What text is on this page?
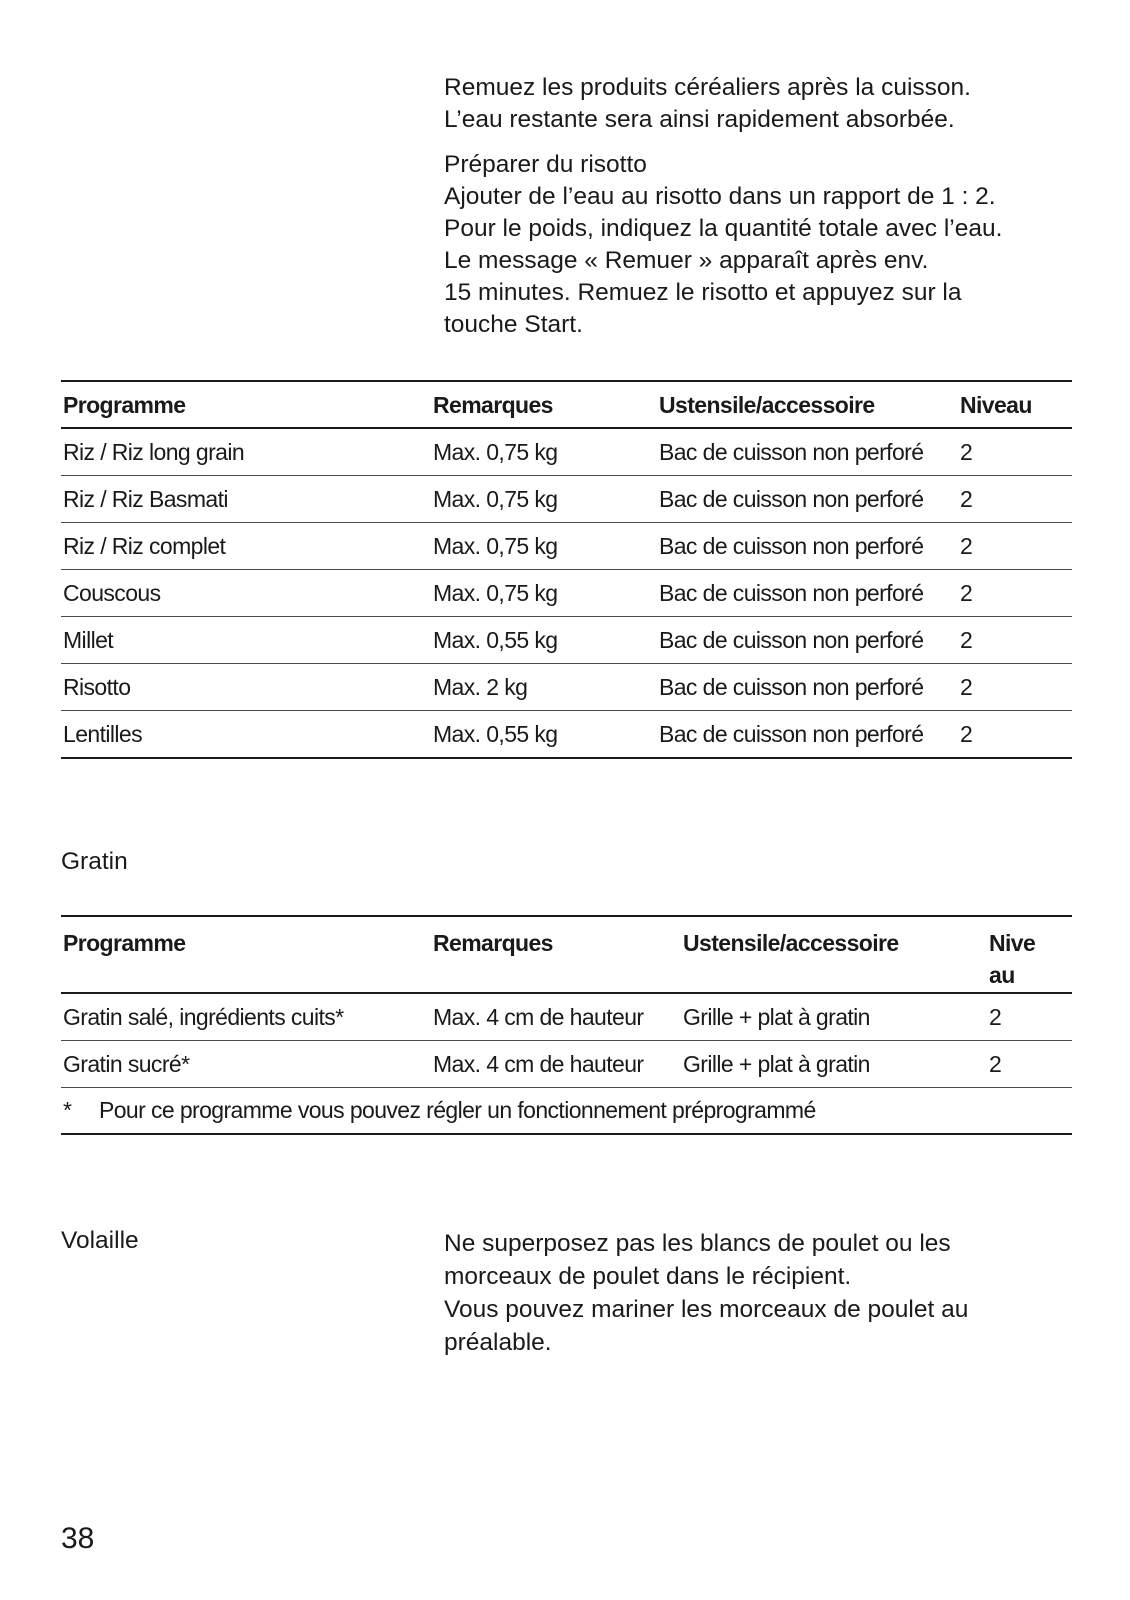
Remuez les produits céréaliers après la cuisson.

L’eau restante sera ainsi rapidement absorbée.

Préparer du risotto

Ajouter de l’eau au risotto dans un rapport de 1 : 2.

Pour le poids, indiquez la quantité totale avec l’eau.

Le message « Remuer » apparaît après env.

15 minutes. Remuez le risotto et appuyez sur la

touche Start.

Programme	Remarques	Ustensile/accessoire	Niveau
Riz / Riz long grain	Max. 0,75 kg	Bac de cuisson non perforé	2
Riz / Riz Basmati	Max. 0,75 kg	Bac de cuisson non perforé	2
Riz / Riz complet	Max. 0,75 kg	Bac de cuisson non perforé	2
Couscous	Max. 0,75 kg	Bac de cuisson non perforé	2
Millet	Max. 0,55 kg	Bac de cuisson non perforé	2
Risotto	Max. 2 kg	Bac de cuisson non perforé	2
Lentilles	Max. 0,55 kg	Bac de cuisson non perforé	2
Gratin
Programme	Remarques	Ustensile/accessoire	Nive
au
Gratin salé, ingrédients cuits*	Max. 4 cm de hauteur	Grille + plat à gratin	2
Gratin sucré*	Max. 4 cm de hauteur	Grille + plat à gratin	2
* Pour ce programme vous pouvez régler un fonctionnement préprogrammé			
Volaille	Ne superposez pas les blancs de poulet ou les

morceaux de poulet dans le récipient.

Vous pouvez mariner les morceaux de poulet au

préalable.

38
